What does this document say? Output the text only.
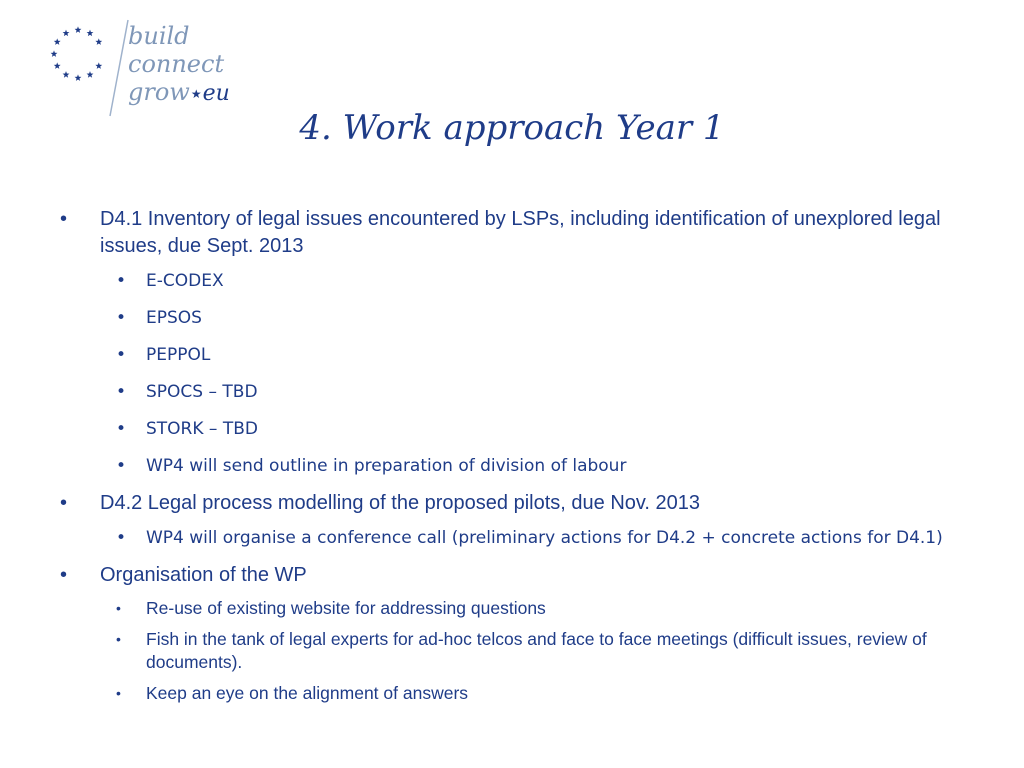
build
connect
grow★eu
4. Work approach Year 1
• D4.1 Inventory of legal issues encountered by LSPs, including identification of unexplored legal issues, due Sept. 2013
• E-CODEX
• EPSOS
• PEPPOL
• SPOCS – TBD
• STORK – TBD
• WP4 will send outline in preparation of division of labour
• D4.2 Legal process modelling of the proposed pilots, due Nov. 2013
• WP4 will organise a conference call (preliminary actions for D4.2 + concrete actions for D4.1)
• Organisation of the WP
• Re-use of existing website for addressing questions
• Fish in the tank of legal experts for ad-hoc telcos and face to face meetings (difficult issues, review of documents).
• Keep an eye on the alignment of answers
